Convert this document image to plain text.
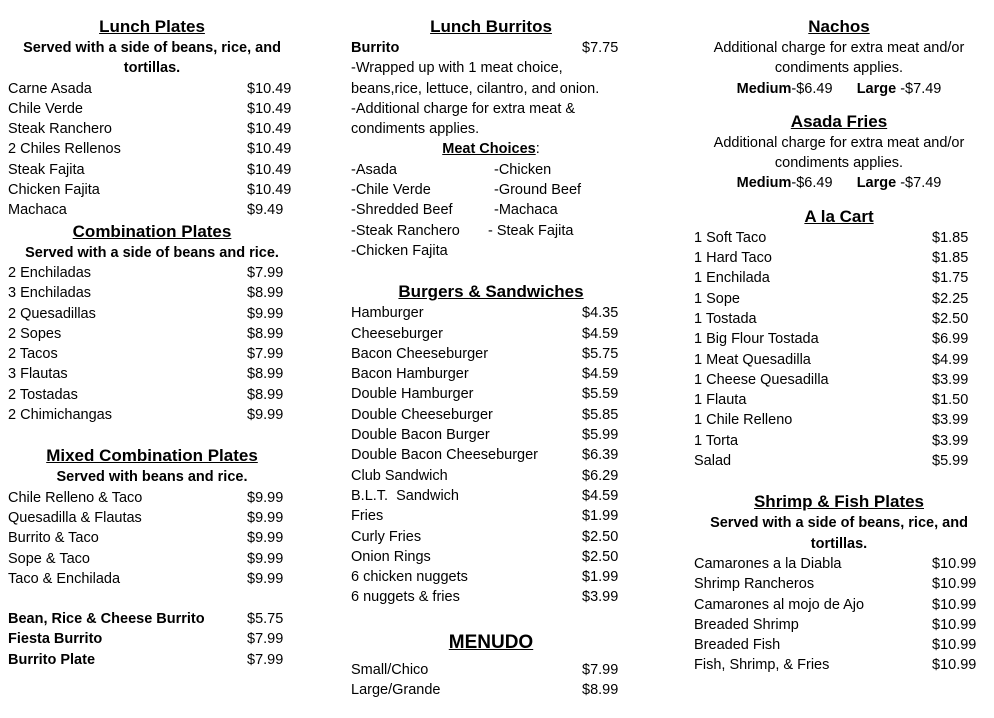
Lunch Plates
Served with a side of beans, rice, and tortillas.
Carne Asada	$10.49
Chile Verde	$10.49
Steak Ranchero	$10.49
2 Chiles Rellenos	$10.49
Steak Fajita	$10.49
Chicken Fajita	$10.49
Machaca	$9.49
Combination Plates
Served with a side of beans and rice.
2 Enchiladas	$7.99
3 Enchiladas	$8.99
2 Quesadillas	$9.99
2 Sopes	$8.99
2 Tacos	$7.99
3 Flautas	$8.99
2 Tostadas	$8.99
2 Chimichangas	$9.99
Mixed Combination Plates
Served with beans and rice.
Chile Relleno & Taco	$9.99
Quesadilla & Flautas	$9.99
Burrito & Taco	$9.99
Sope & Taco	$9.99
Taco & Enchilada	$9.99
Bean, Rice & Cheese Burrito	$5.75
Fiesta Burrito	$7.99
Burrito Plate	$7.99
Lunch Burritos
Burrito	$7.75
-Wrapped up with 1 meat choice,
beans,rice, lettuce, cilantro, and onion.
-Additional charge for extra meat &
condiments applies.
Meat Choices:
-Asada	-Chicken
-Chile Verde	-Ground Beef
-Shredded Beef	-Machaca
-Steak Ranchero	- Steak Fajita
-Chicken Fajita
Burgers & Sandwiches
Hamburger	$4.35
Cheeseburger	$4.59
Bacon Cheeseburger	$5.75
Bacon Hamburger	$4.59
Double Hamburger	$5.59
Double Cheeseburger	$5.85
Double Bacon Burger	$5.99
Double Bacon Cheeseburger	$6.39
Club Sandwich	$6.29
B.L.T.  Sandwich	$4.59
Fries	$1.99
Curly Fries	$2.50
Onion Rings	$2.50
6 chicken nuggets	$1.99
6 nuggets & fries	$3.99
MENUDO
Small/Chico	$7.99
Large/Grande	$8.99
Nachos
Additional charge for extra meat and/or condiments applies.
Medium-$6.49 Large -$7.49
Asada Fries
Additional charge for extra meat and/or condiments applies.
Medium-$6.49 Large -$7.49
A la Cart
1 Soft Taco	$1.85
1 Hard Taco	$1.85
1 Enchilada	$1.75
1 Sope	$2.25
1 Tostada	$2.50
1 Big Flour Tostada	$6.99
1 Meat Quesadilla	$4.99
1 Cheese Quesadilla	$3.99
1 Flauta	$1.50
1 Chile Relleno	$3.99
1 Torta	$3.99
Salad	$5.99
Shrimp & Fish Plates
Served with a side of beans, rice, and tortillas.
Camarones a la Diabla	$10.99
Shrimp Rancheros	$10.99
Camarones al mojo de Ajo	$10.99
Breaded Shrimp	$10.99
Breaded Fish	$10.99
Fish, Shrimp, & Fries	$10.99
